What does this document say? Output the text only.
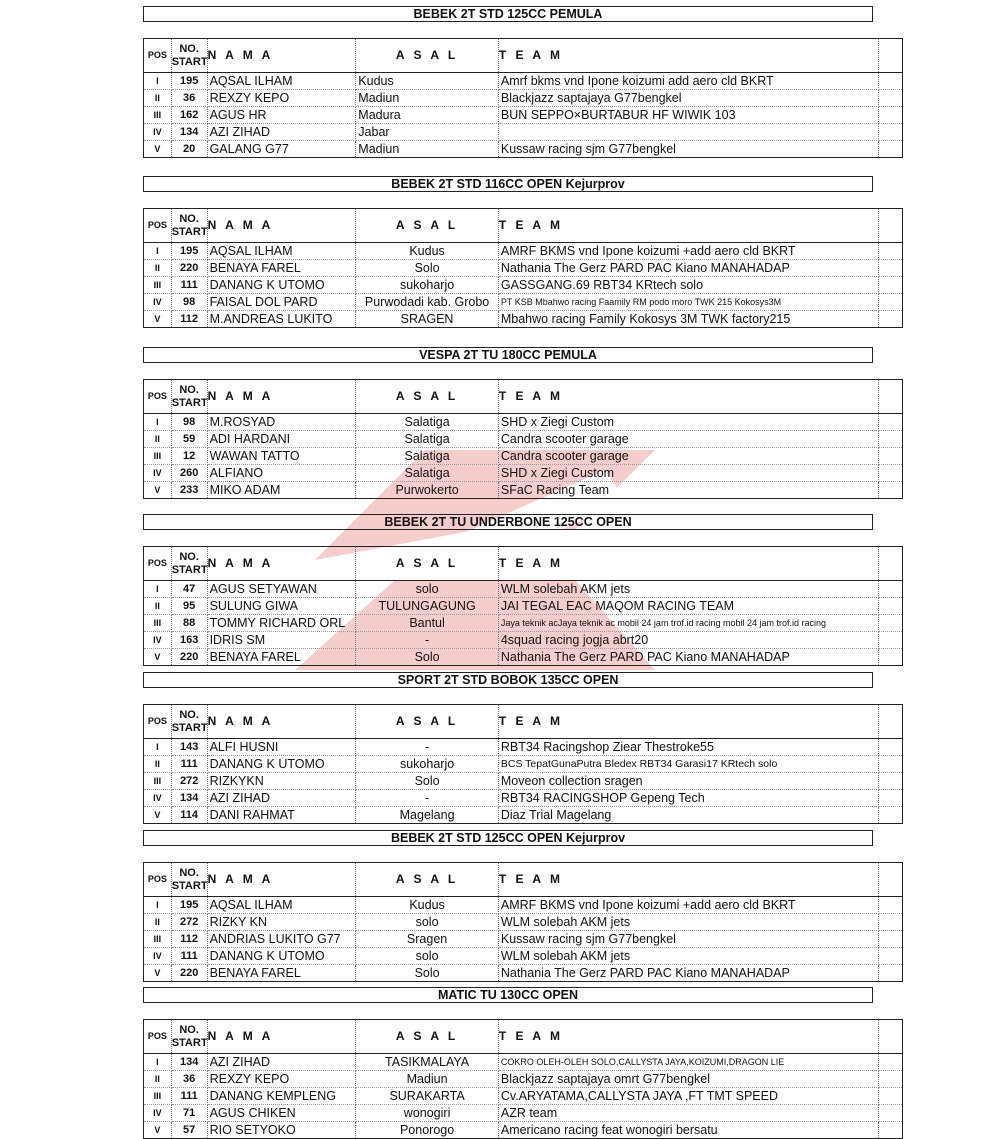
BEBEK 2T STD 125CC PEMULA
POS	NO. START	N A M A	A S A L	T E A M	
I	195	AQSAL ILHAM	Kudus	Amrf bkms vnd Ipone koizumi add aero cld BKRT	
II	36	REXZY KEPO	Madiun	Blackjazz saptajaya G77bengkel	
III	162	AGUS HR	Madura	BUN SEPPO×BURTABUR HF WIWIK 103	
IV	134	AZI ZIHAD	Jabar		
V	20	GALANG G77	Madiun	Kussaw racing sjm G77bengkel	
BEBEK 2T STD 116CC OPEN Kejurprov
POS	NO. START	N A M A	A S A L	T E A M	
I	195	AQSAL ILHAM	Kudus	AMRF BKMS vnd Ipone koizumi +add aero cld BKRT	
II	220	BENAYA FAREL	Solo	Nathania The Gerz PARD PAC Kiano MANAHADAP	
III	111	DANANG K UTOMO	sukoharjo	GASSGANG.69 RBT34 KRtech solo	
IV	98	FAISAL DOL PARD	Purwodadi kab. Grobo	PT KSB Mbahwo racing Faamily RM podo moro TWK 215 Kokosys3M	
V	112	M.ANDREAS LUKITO	SRAGEN	Mbahwo racing Family Kokosys 3M TWK factory215	
VESPA 2T TU 180CC PEMULA
POS	NO. START	N A M A	A S A L	T E A M	
I	98	M.ROSYAD	Salatiga	SHD x Ziegi Custom	
II	59	ADI HARDANI	Salatiga	Candra scooter garage	
III	12	WAWAN TATTO	Salatiga	Candra scooter garage	
IV	260	ALFIANO	Salatiga	SHD x Ziegi Custom	
V	233	MIKO ADAM	Purwokerto	SFaC Racing Team	
BEBEK 2T TU UNDERBONE 125CC OPEN
POS	NO. START	N A M A	A S A L	T E A M	
I	47	AGUS SETYAWAN	solo	WLM solebah AKM jets	
II	95	SULUNG GIWA	TULUNGAGUNG	JAI TEGAL EAC MAQOM RACING TEAM	
III	88	TOMMY RICHARD ORL	Bantul	Jaya teknik acJaya teknik ac mobil 24 jam trof.id racing mobil 24 jam trof.id racing	
IV	163	IDRIS SM	-	4squad racing jogja abrt20	
V	220	BENAYA FAREL	Solo	Nathania The Gerz PARD PAC Kiano MANAHADAP	
SPORT 2T STD BOBOK 135CC OPEN
POS	NO. START	N A M A	A S A L	T E A M	
I	143	ALFI HUSNI	-	RBT34 Racingshop Ziear Thestroke55	
II	111	DANANG K UTOMO	sukoharjo	BCS TepatGunaPutra Bledex RBT34 Garasi17 KRtech solo	
III	272	RIZKYKN	Solo	Moveon collection sragen	
IV	134	AZI ZIHAD	-	RBT34 RACINGSHOP Gepeng Tech	
V	114	DANI RAHMAT	Magelang	Diaz Trial Magelang	
BEBEK 2T STD 125CC OPEN Kejurprov
POS	NO. START	N A M A	A S A L	T E A M	
I	195	AQSAL ILHAM	Kudus	AMRF BKMS vnd Ipone koizumi +add aero cld BKRT	
II	272	RIZKY KN	solo	WLM solebah AKM jets	
III	112	ANDRIAS LUKITO G77	Sragen	Kussaw racing sjm G77bengkel	
IV	111	DANANG K UTOMO	solo	WLM solebah AKM jets	
V	220	BENAYA FAREL	Solo	Nathania The Gerz PARD PAC Kiano MANAHADAP	
MATIC TU 130CC OPEN
POS	NO. START	N A M A	A S A L	T E A M	
I	134	AZI ZIHAD	TASIKMALAYA	COKRO OLEH-OLEH SOLO,CALLYSTA JAYA,KOIZUMI,DRAGON LIE	
II	36	REXZY KEPO	Madiun	Blackjazz saptajaya omrt G77bengkel	
III	111	DANANG KEMPLENG	SURAKARTA	Cv.ARYATAMA,CALLYSTA JAYA ,FT TMT SPEED	
IV	71	AGUS CHIKEN	wonogiri	AZR team	
V	57	RIO SETYOKO	Ponorogo	Americano racing feat wonogiri bersatu	
